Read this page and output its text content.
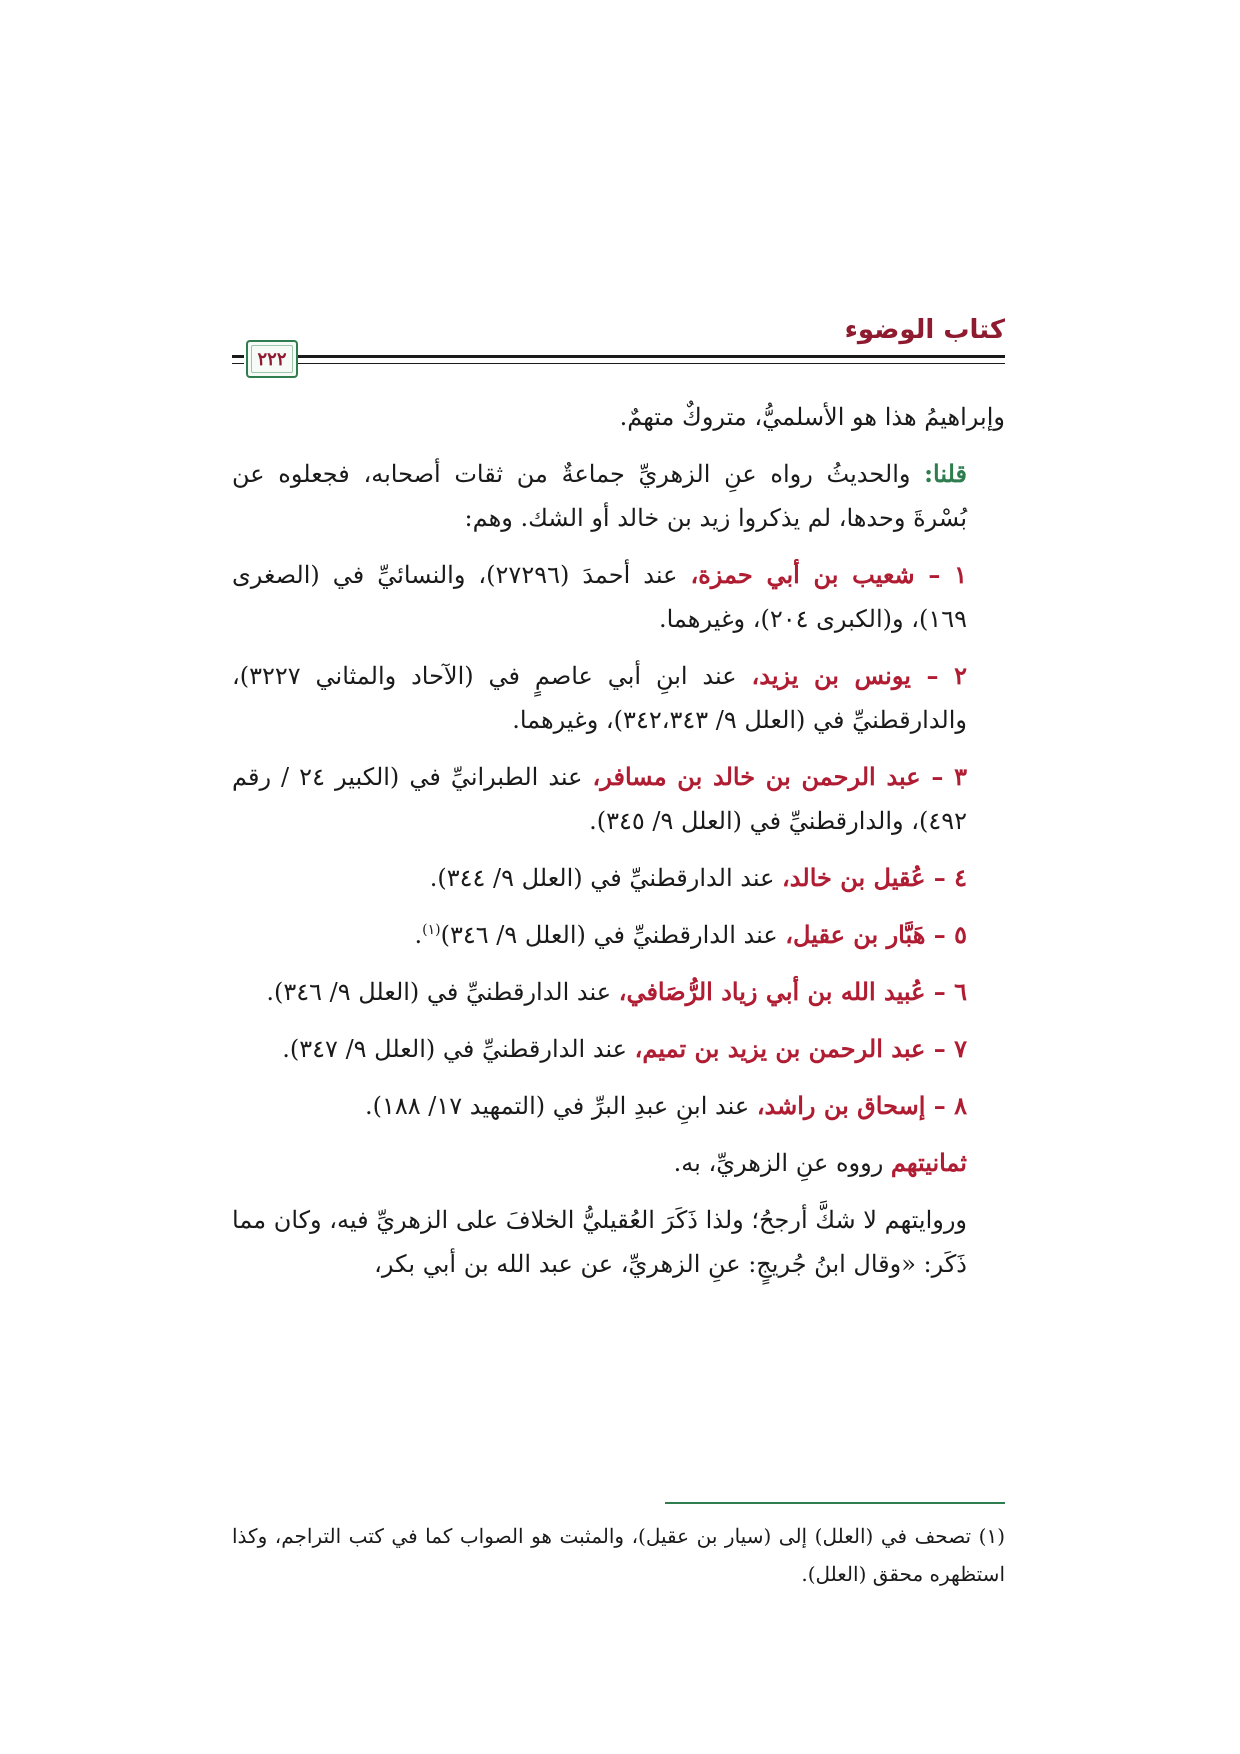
كتاب الوضوء
٢٢٢

وإبراهيمُ هذا هو الأسلميُّ، متروكٌ متهمٌ.

قلنا: والحديثُ رواه عنِ الزهريِّ جماعةٌ من ثقات أصحابه، فجعلوه عن بُسْرةَ وحدها، لم يذكروا زيد بن خالد أو الشك. وهم:

١ – شعيب بن أبي حمزة، عند أحمدَ (٢٧٢٩٦)، والنسائيِّ في (الصغرى ١٦٩)، و(الكبرى ٢٠٤)، وغيرهما.

٢ – يونس بن يزيد، عند ابنِ أبي عاصمٍ في (الآحاد والمثاني ٣٢٢٧)، والدارقطنيِّ في (العلل ٩/ ٣٤٢،٣٤٣)، وغيرهما.

٣ – عبد الرحمن بن خالد بن مسافر، عند الطبرانيِّ في (الكبير ٢٤ / رقم ٤٩٢)، والدارقطنيِّ في (العلل ٩/ ٣٤٥).

٤ – عُقيل بن خالد، عند الدارقطنيِّ في (العلل ٩/ ٣٤٤).

٥ – هَبَّار بن عقيل، عند الدارقطنيِّ في (العلل ٩/ ٣٤٦)$^{(١)}$.

٦ – عُبيد الله بن أبي زياد الرُّصَافي، عند الدارقطنيِّ في (العلل ٩/ ٣٤٦).

٧ – عبد الرحمن بن يزيد بن تميم، عند الدارقطنيِّ في (العلل ٩/ ٣٤٧).

٨ – إسحاق بن راشد، عند ابنِ عبدِ البرِّ في (التمهيد ١٧/ ١٨٨).

ثمانيتهم رووه عنِ الزهريِّ، به.

وروايتهم لا شكَّ أرجحُ؛ ولذا ذَكَرَ العُقيليُّ الخلافَ على الزهريِّ فيه، وكان مما ذَكَر: «وقال ابنُ جُريجٍ: عنِ الزهريِّ، عن عبد الله بن أبي بكر،

(١) تصحف في (العلل) إلى (سيار بن عقيل)، والمثبت هو الصواب كما في كتب التراجم، وكذا استظهره محقق (العلل).
